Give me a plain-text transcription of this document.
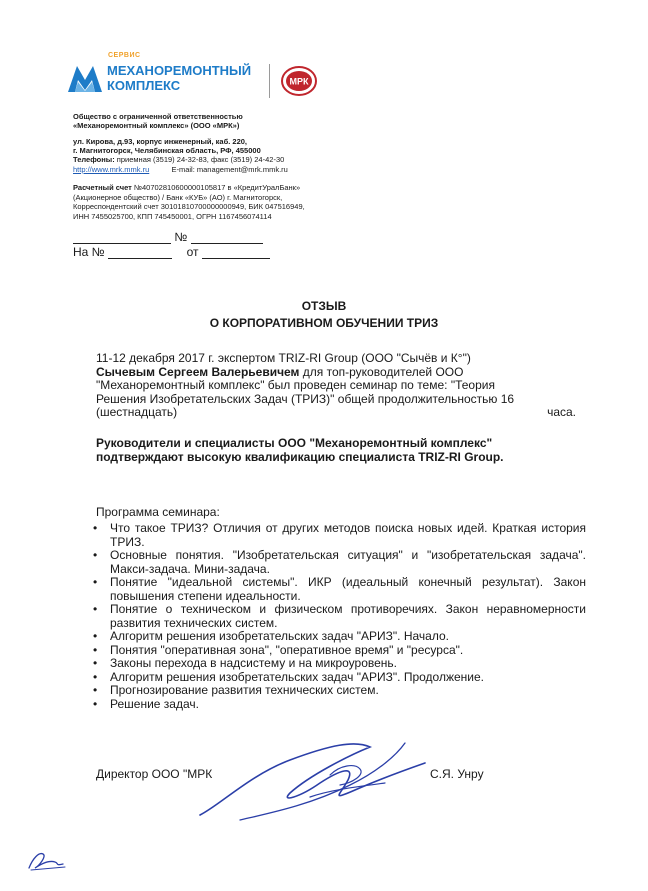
СЕРВИС
МЕХАНОРЕМОНТНЫЙ
КОМПЛЕКС	МРК
Общество с ограниченной ответственностью
«Механоремонтный комплекс» (ООО «МРК»)
ул. Кирова, д.93, корпус инженерный, каб. 220,
г. Магнитогорск, Челябинская область, РФ, 455000
Телефоны: приемная (3519) 24-32-83, факс (3519) 24-42-30
http://www.mrk.mmk.ru	E-mail: management@mrk.mmk.ru
Расчетный счет №40702810600000105817 в «КредитУралБанк»
(Акционерное общество) / Банк «КУБ» (АО) г. Магнитогорск,
Корреспондентский счет 30101810700000000949, БИК 047516949,
ИНН 7455025700, КПП 745450001, ОГРН 1167456074114
№
На №	от
ОТЗЫВ
О КОРПОРАТИВНОМ ОБУЧЕНИИ ТРИЗ
11-12 декабря 2017 г. экспертом TRIZ-RI Group (ООО "Сычёв и К°")
Сычевым Сергеем Валерьевичем для топ-руководителей ООО
"Механоремонтный комплекс" был проведен семинар по теме: "Теория
Решения Изобретательских Задач (ТРИЗ)" общей продолжительностью 16
(шестнадцать)	часа.
Руководители и специалисты ООО "Механоремонтный комплекс"
подтверждают высокую квалификацию специалиста TRIZ-RI Group.
Программа семинара:
• Что такое ТРИЗ? Отличия от других методов поиска новых идей. Краткая история ТРИЗ.
• Основные понятия. "Изобретательская ситуация" и "изобретательская задача". Макси-задача. Мини-задача.
• Понятие "идеальной системы". ИКР (идеальный конечный результат). Закон повышения степени идеальности.
• Понятие о техническом и физическом противоречиях. Закон неравномерности развития технических систем.
• Алгоритм решения изобретательских задач "АРИЗ". Начало.
• Понятия "оперативная зона", "оперативное время" и "ресурса".
• Законы перехода в надсистему и на микроуровень.
• Алгоритм решения изобретательских задач "АРИЗ". Продолжение.
• Прогнозирование развития технических систем.
• Решение задач.
Директор ООО "МРК	С.Я. Унру
